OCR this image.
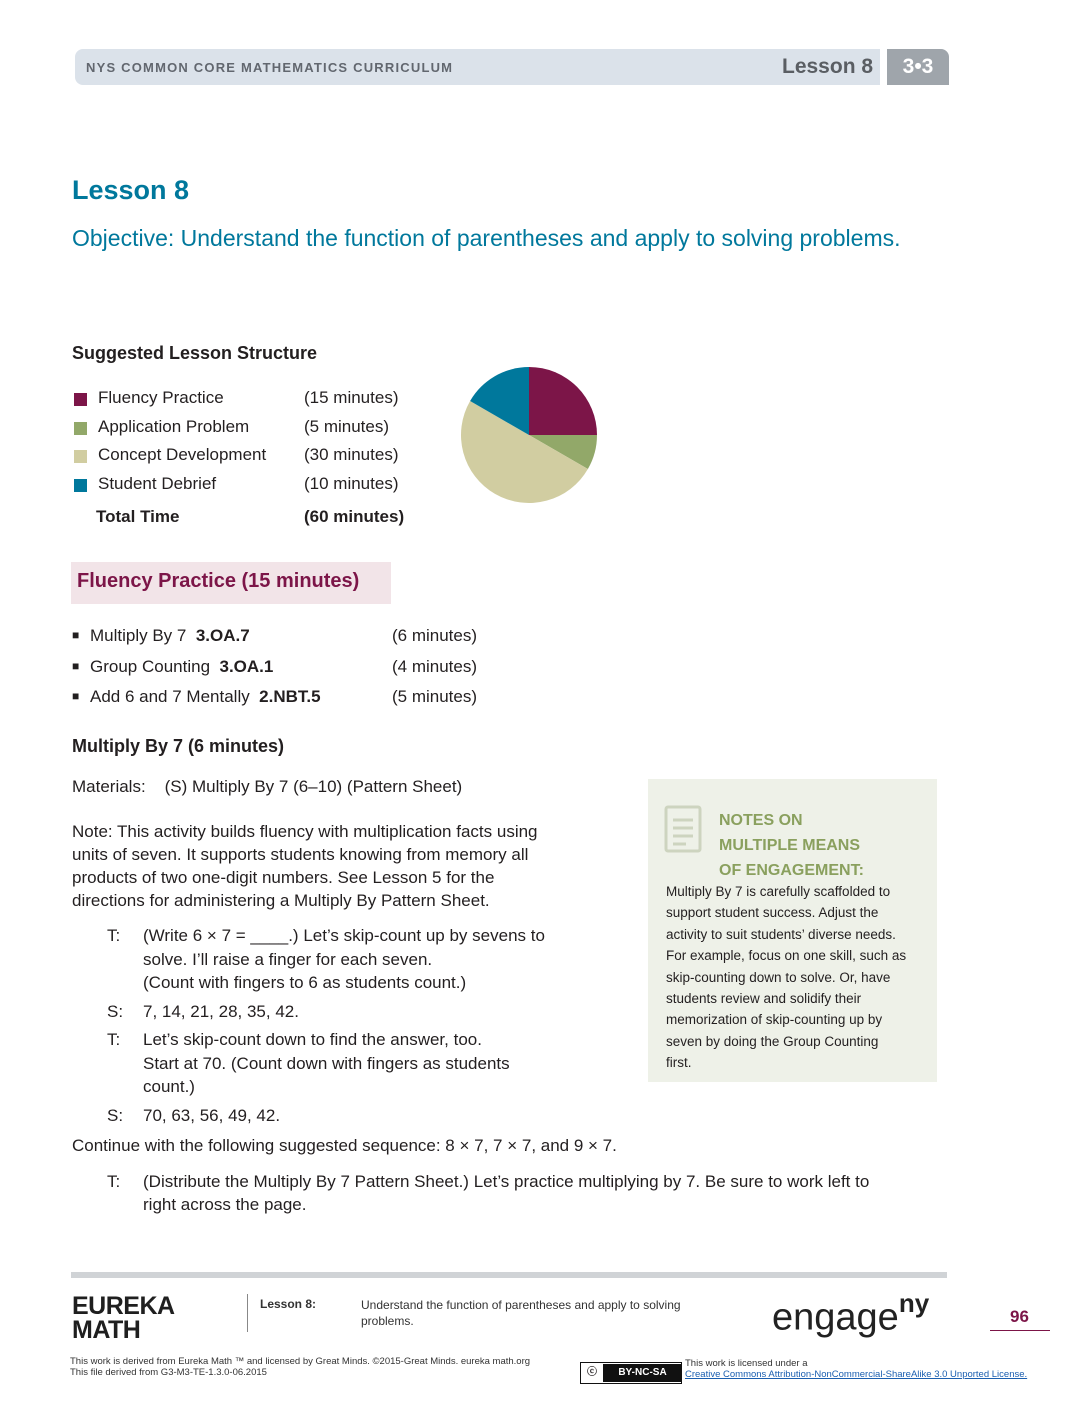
NYS COMMON CORE MATHEMATICS CURRICULUM	Lesson 8	3•3
Lesson 8
Objective: Understand the function of parentheses and apply to solving problems.
Suggested Lesson Structure
Fluency Practice	(15 minutes)
Application Problem	(5 minutes)
Concept Development (30 minutes)
Student Debrief	(10 minutes)
Total Time	(60 minutes)
Fluency Practice (15 minutes)
■ Multiply By 7 3.OA.7	(6 minutes)
■ Group Counting 3.OA.1	(4 minutes)
■ Add 6 and 7 Mentally 2.NBT.5	(5 minutes)
Multiply By 7 (6 minutes)
Materials: (S) Multiply By 7 (6–10) (Pattern Sheet)
Note: This activity builds fluency with multiplication facts using
units of seven. It supports students knowing from memory all
products of two one-digit numbers. See Lesson 5 for the
directions for administering a Multiply By Pattern Sheet.
T:	(Write 6 × 7 = ____.) Let’s skip-count up by sevens to
solve. I’ll raise a finger for each seven.
(Count with fingers to 6 as students count.)
S:	7, 14, 21, 28, 35, 42.
T:	Let’s skip-count down to find the answer, too.
Start at 70. (Count down with fingers as students
count.)
S:	70, 63, 56, 49, 42.
Continue with the following suggested sequence: 8 × 7, 7 × 7, and 9 × 7.
T:	(Distribute the Multiply By 7 Pattern Sheet.) Let’s practice multiplying by 7. Be sure to work left to
right across the page.
NOTES ON
MULTIPLE MEANS
OF ENGAGEMENT:
Multiply By 7 is carefully scaffolded to
support student success. Adjust the
activity to suit students’ diverse needs.
For example, focus on one skill, such as
skip-counting down to solve. Or, have
students review and solidify their
memorization of skip-counting up by
seven by doing the Group Counting
first.
EUREKA
MATH
Lesson 8:	Understand the function of parentheses and apply to solving
problems.	engage$^{ny}$	96
This work is derived from Eureka Math ™ and licensed by Great Minds. ©2015-Great Minds. eureka math.org
This file derived from G3-M3-TE-1.3.0-06.2015	ⓒ	BY-NC-SA
This work is licensed under a
Creative Commons Attribution-NonCommercial-ShareAlike 3.0 Unported License.
